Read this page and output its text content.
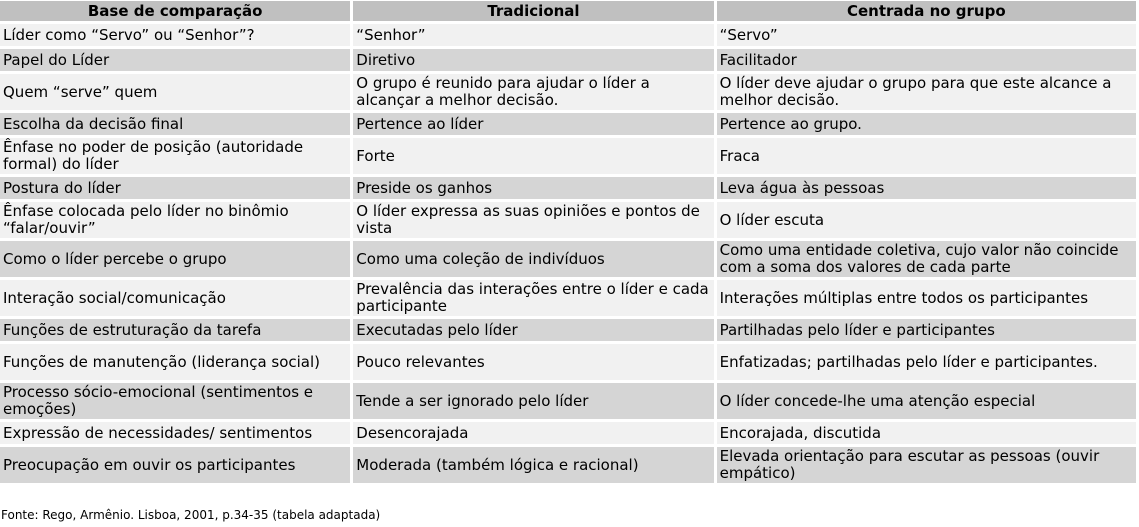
Base de comparação	Tradicional	Centrada no grupo
Líder como “Servo” ou “Senhor”?	“Senhor”	“Servo”
Papel do Líder	Diretivo	Facilitador
Quem “serve” quem	O grupo é reunido para ajudar o líder a alcançar a melhor decisão.	O líder deve ajudar o grupo para que este alcance a melhor decisão.
Escolha da decisão final	Pertence ao líder	Pertence ao grupo.
Ênfase no poder de posição (autoridade formal) do líder	Forte	Fraca
Postura do líder	Preside os ganhos	Leva água às pessoas
Ênfase colocada pelo líder no binômio “falar/ouvir”	O líder expressa as suas opiniões e pontos de vista	O líder escuta
Como o líder percebe o grupo	Como uma coleção de indivíduos	Como uma entidade coletiva, cujo valor não coincide com a soma dos valores de cada parte
Interação social/comunicação	Prevalência das interações entre o líder e cada participante	Interações múltiplas entre todos os participantes
Funções de estruturação da tarefa	Executadas pelo líder	Partilhadas pelo líder e participantes
Funções de manutenção (liderança social)	Pouco relevantes	Enfatizadas; partilhadas pelo líder e participantes.
Processo sócio-emocional (sentimentos e emoções)	Tende a ser ignorado pelo líder	O líder concede-lhe uma atenção especial
Expressão de necessidades/ sentimentos	Desencorajada	Encorajada, discutida
Preocupação em ouvir os participantes	Moderada (também lógica e racional)	Elevada orientação para escutar as pessoas (ouvir empático)
Fonte: Rego, Armênio. Lisboa, 2001, p.34-35 (tabela adaptada)
